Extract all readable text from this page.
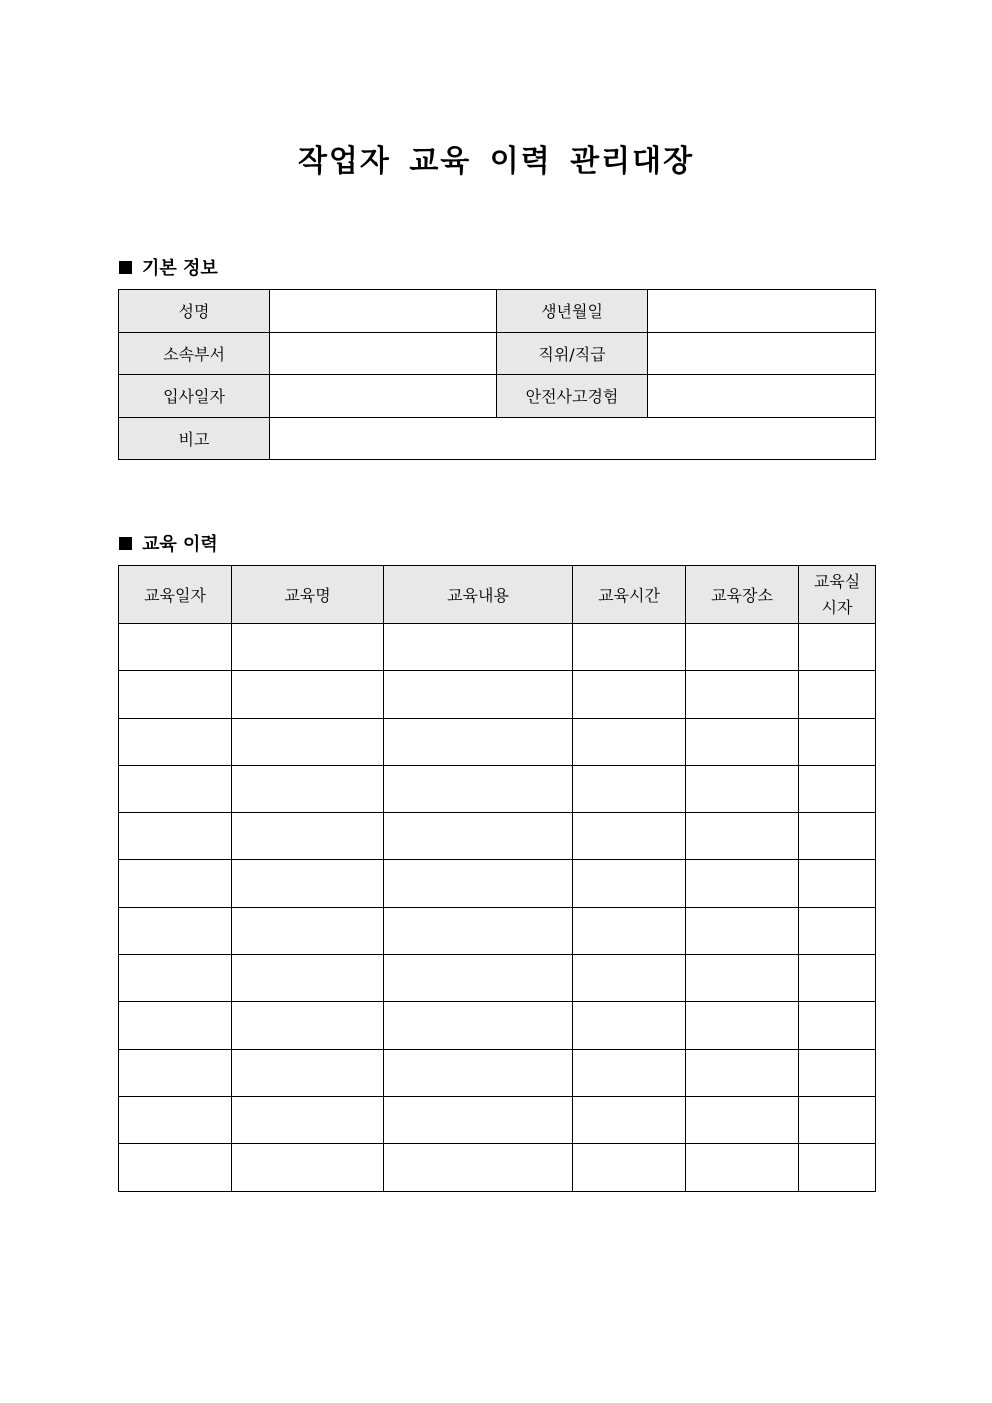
작업자 교육 이력 관리대장
기본 정보
성명		생년월일	
소속부서		직위/직급	
입사일자		안전사고경험	
비고			
교육 이력
교육일자	교육명	교육내용	교육시간	교육장소	교육실
시자
